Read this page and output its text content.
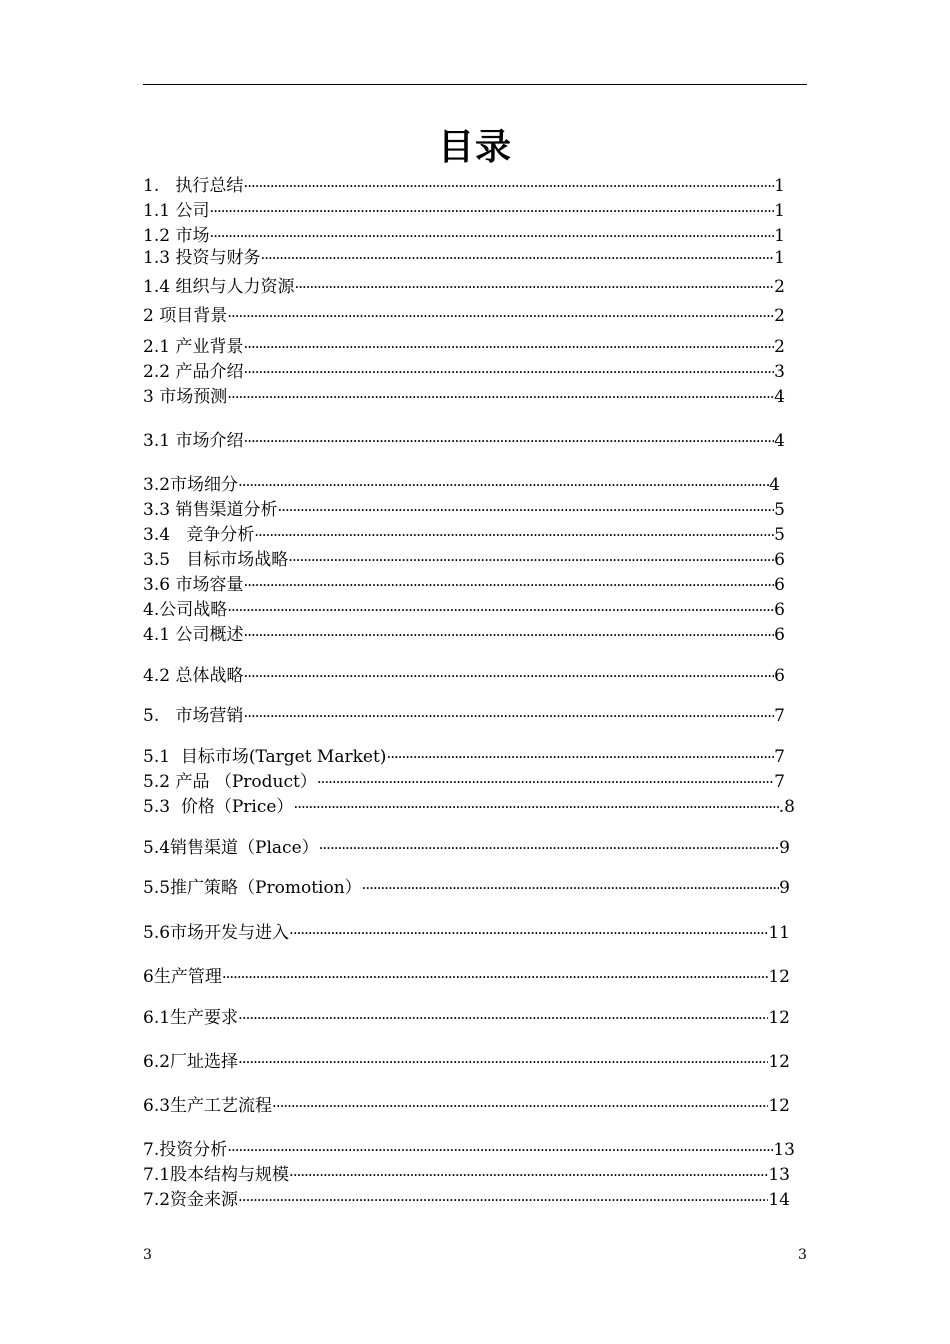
目录
1.   执行总结 ·····	1
1.1 公司 ·····	1
1.2 市场 ·····	1
1.3 投资与财务 ·····	1
1.4 组织与人力资源 ·····	2
2 项目背景 ·····	2
2.1 产业背景 ·····	2
2.2 产品介绍 ·····	3
3 市场预测 ·····	4
3.1 市场介绍 ·····	4
3.2市场细分 ·····	4
3.3 销售渠道分析 ·····	5
3.4   竞争分析 ·····	5
3.5   目标市场战略 ·····	6
3.6 市场容量 ·····	6
4.公司战略 ·····	6
4.1 公司概述 ·····	6
4.2 总体战略 ·····	6
5.   市场营销 ·····	7
5.1  目标市场(Target Market) ·····	7
5.2 产品 （Product） ·····	7
5.3  价格（Price） ·····	.8
5.4销售渠道（Place） ·····	9
5.5推广策略（Promotion） ·····	9
5.6市场开发与进入 ·····	11
6生产管理 ·····	12
6.1生产要求 ·····	12
6.2厂址选择 ·····	12
6.3生产工艺流程 ·····	12
7.投资分析 ·····	13
7.1股本结构与规模 ·····	13
7.2资金来源 ·····	14
3	3
